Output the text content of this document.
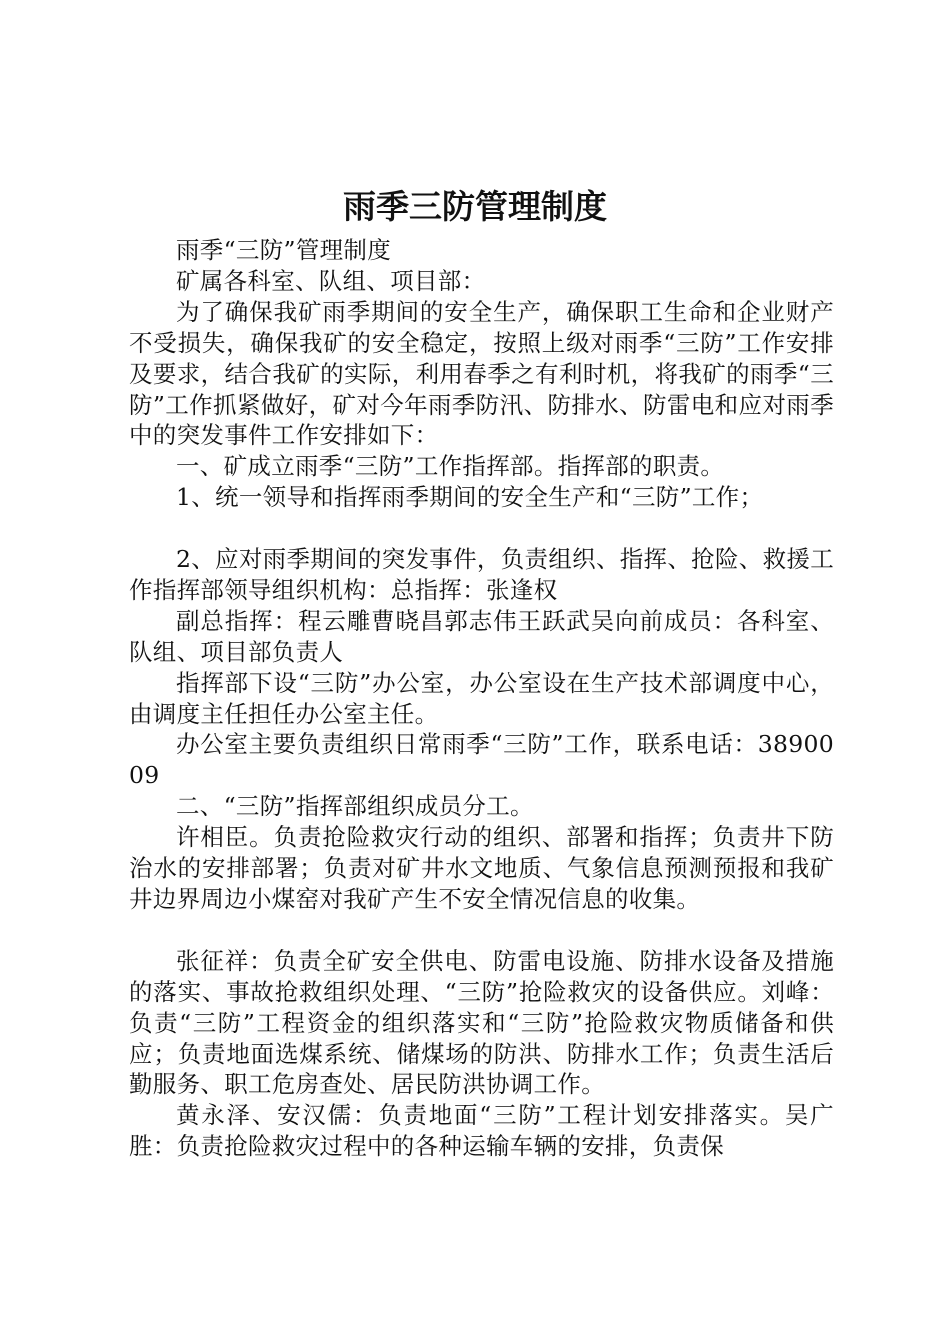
雨季三防管理制度

雨季“三防”管理制度

矿属各科室、队组、项目部：

为了确保我矿雨季期间的安全生产，确保职工生命和企业财产不受损失，确保我矿的安全稳定，按照上级对雨季“三防”工作安排及要求，结合我矿的实际，利用春季之有利时机，将我矿的雨季“三防”工作抓紧做好，矿对今年雨季防汛、防排水、防雷电和应对雨季中的突发事件工作安排如下：

一、矿成立雨季“三防”工作指挥部。指挥部的职责。

1、统一领导和指挥雨季期间的安全生产和“三防”工作；

2、应对雨季期间的突发事件，负责组织、指挥、抢险、救援工作指挥部领导组织机构：总指挥：张逢权

副总指挥：程云雕曹晓昌郭志伟王跃武吴向前成员：各科室、队组、项目部负责人

指挥部下设“三防”办公室，办公室设在生产技术部调度中心，由调度主任担任办公室主任。

办公室主要负责组织日常雨季“三防”工作，联系电话：3890009

二、“三防”指挥部组织成员分工。

许相臣。负责抢险救灾行动的组织、部署和指挥；负责井下防治水的安排部署；负责对矿井水文地质、气象信息预测预报和我矿井边界周边小煤窑对我矿产生不安全情况信息的收集。

张征祥：负责全矿安全供电、防雷电设施、防排水设备及措施的落实、事故抢救组织处理、“三防”抢险救灾的设备供应。刘峰：负责“三防”工程资金的组织落实和“三防”抢险救灾物质储备和供应；负责地面选煤系统、储煤场的防洪、防排水工作；负责生活后勤服务、职工危房查处、居民防洪协调工作。

黄永泽、安汉儒：负责地面“三防”工程计划安排落实。吴广胜：负责抢险救灾过程中的各种运输车辆的安排，负责保
